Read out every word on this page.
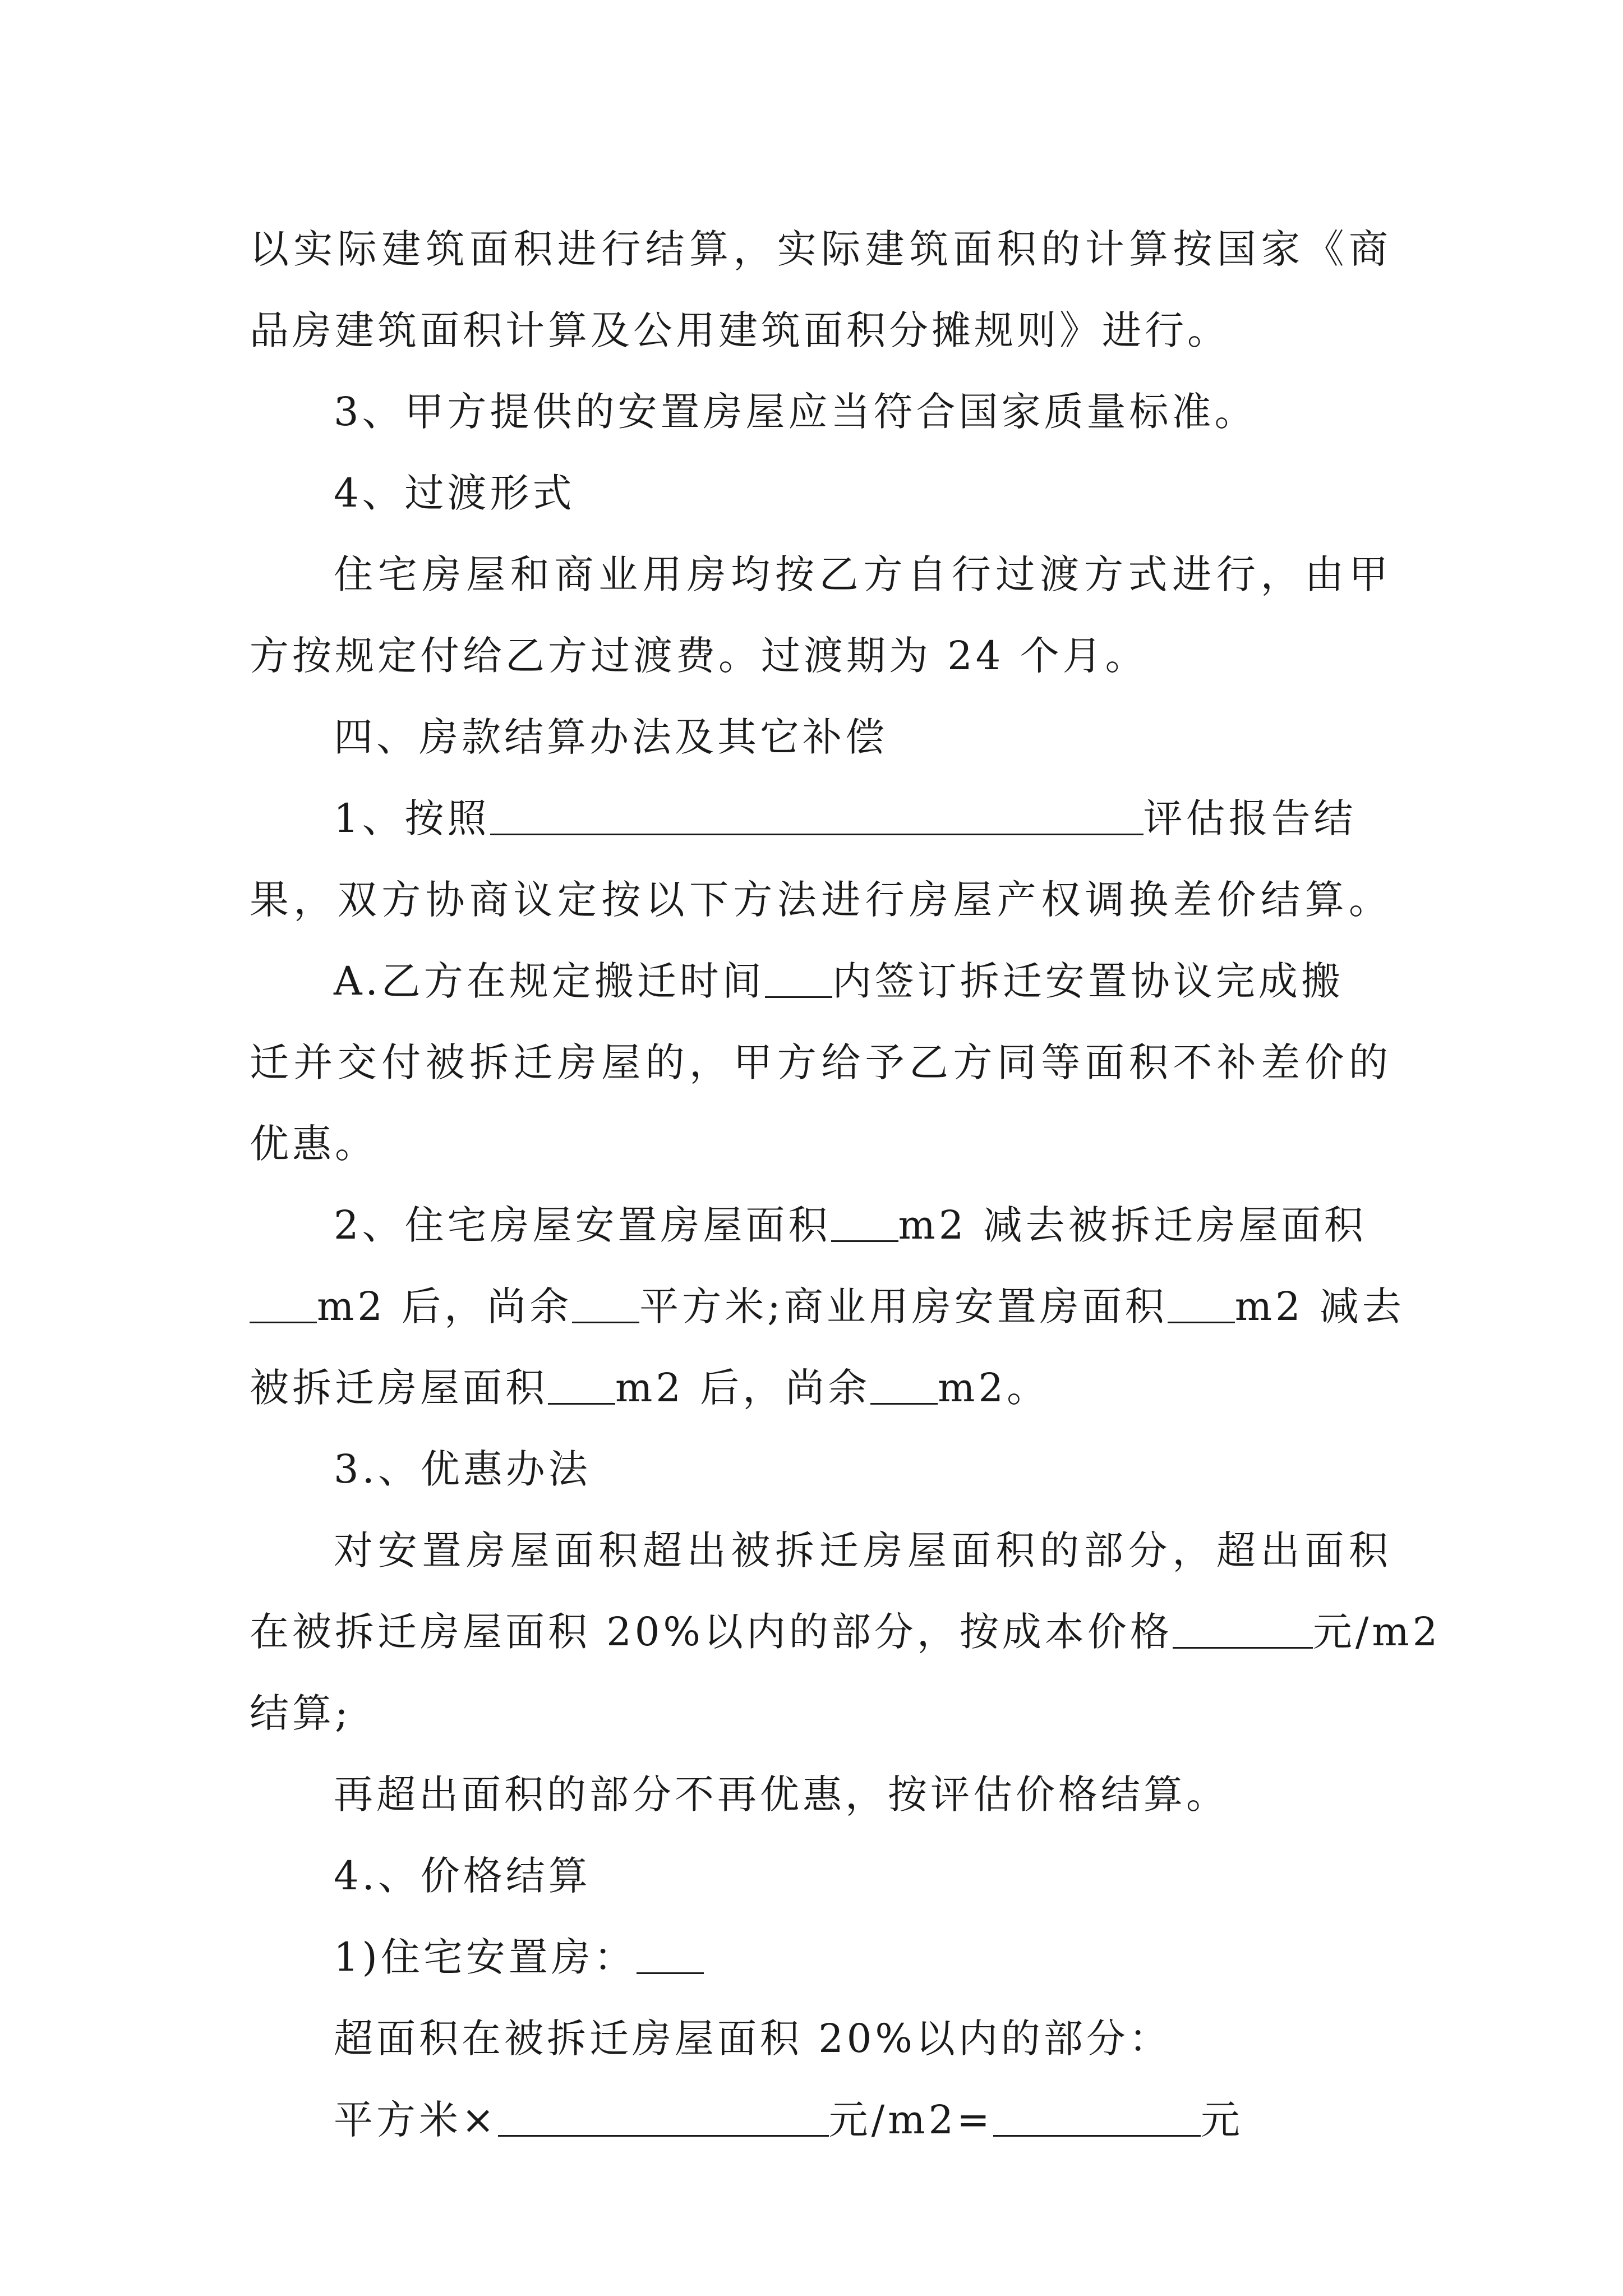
以实际建筑面积进行结算，实际建筑面积的计算按国家《商
品房建筑面积计算及公用建筑面积分摊规则》进行。
3、甲方提供的安置房屋应当符合国家质量标准。
4、过渡形式
住宅房屋和商业用房均按乙方自行过渡方式进行，由甲
方按规定付给乙方过渡费。过渡期为 24 个月。
四、房款结算办法及其它补偿
1、按照	评估报告结
果，双方协商议定按以下方法进行房屋产权调换差价结算。
A.乙方在规定搬迁时间 内签订拆迁安置协议完成搬
迁并交付被拆迁房屋的，甲方给予乙方同等面积不补差价的
优惠。
2、住宅房屋安置房屋面积 m2 减去被拆迁房屋面积
m2 后，尚余 平方米;商业用房安置房面积 m2 减去
被拆迁房屋面积 m2 后，尚余 m2。
3.、优惠办法
对安置房屋面积超出被拆迁房屋面积的部分，超出面积
在被拆迁房屋面积 20%以内的部分，按成本价格	元/m2
结算;
再超出面积的部分不再优惠，按评估价格结算。
4.、价格结算
1)住宅安置房：
超面积在被拆迁房屋面积 20%以内的部分：
平方米×	元/m2=	元
